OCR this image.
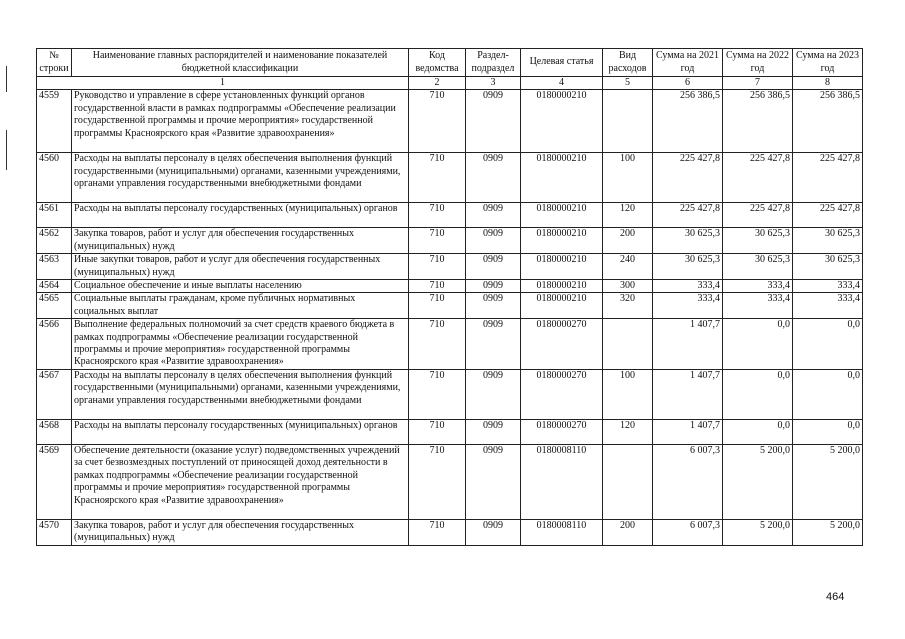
№ строки	Наименование главных распорядителей и наименование показателей бюджетной классификации	Код ведомства	Раздел-подраздел	Целевая статья	Вид расходов	Сумма на 2021 год	Сумма на 2022 год	Сумма на 2023 год
1		2	3	4	5	6	7	8
4559	Руководство и управление в сфере установленных функций органов государственной власти в рамках подпрограммы «Обеспечение реализации государственной программы и прочие мероприятия» государственной программы Красноярского края «Развитие здравоохранения»	710	0909	0180000210		256 386,5	256 386,5	256 386,5
4560	Расходы на выплаты персоналу в целях обеспечения выполнения функций государственными (муниципальными) органами, казенными учреждениями, органами управления государственными внебюджетными фондами	710	0909	0180000210	100	225 427,8	225 427,8	225 427,8
4561	Расходы на выплаты персоналу государственных (муниципальных) органов	710	0909	0180000210	120	225 427,8	225 427,8	225 427,8
4562	Закупка товаров, работ и услуг для обеспечения государственных (муниципальных) нужд	710	0909	0180000210	200	30 625,3	30 625,3	30 625,3
4563	Иные закупки товаров, работ и услуг для обеспечения государственных (муниципальных) нужд	710	0909	0180000210	240	30 625,3	30 625,3	30 625,3
4564	Социальное обеспечение и иные выплаты населению	710	0909	0180000210	300	333,4	333,4	333,4
4565	Социальные выплаты гражданам, кроме публичных нормативных социальных выплат	710	0909	0180000210	320	333,4	333,4	333,4
4566	Выполнение федеральных полномочий за счет средств краевого бюджета в рамках подпрограммы «Обеспечение реализации государственной программы и прочие мероприятия» государственной программы Красноярского края «Развитие здравоохранения»	710	0909	0180000270		1 407,7	0,0	0,0
4567	Расходы на выплаты персоналу в целях обеспечения выполнения функций государственными (муниципальными) органами, казенными учреждениями, органами управления государственными внебюджетными фондами	710	0909	0180000270	100	1 407,7	0,0	0,0
4568	Расходы на выплаты персоналу государственных (муниципальных) органов	710	0909	0180000270	120	1 407,7	0,0	0,0
4569	Обеспечение деятельности (оказание услуг) подведомственных учреждений за счет безвозмездных поступлений от приносящей доход деятельности в рамках подпрограммы «Обеспечение реализации государственной программы и прочие мероприятия» государственной программы Красноярского края «Развитие здравоохранения»	710	0909	0180008110		6 007,3	5 200,0	5 200,0
4570	Закупка товаров, работ и услуг для обеспечения государственных (муниципальных) нужд	710	0909	0180008110	200	6 007,3	5 200,0	5 200,0
464
